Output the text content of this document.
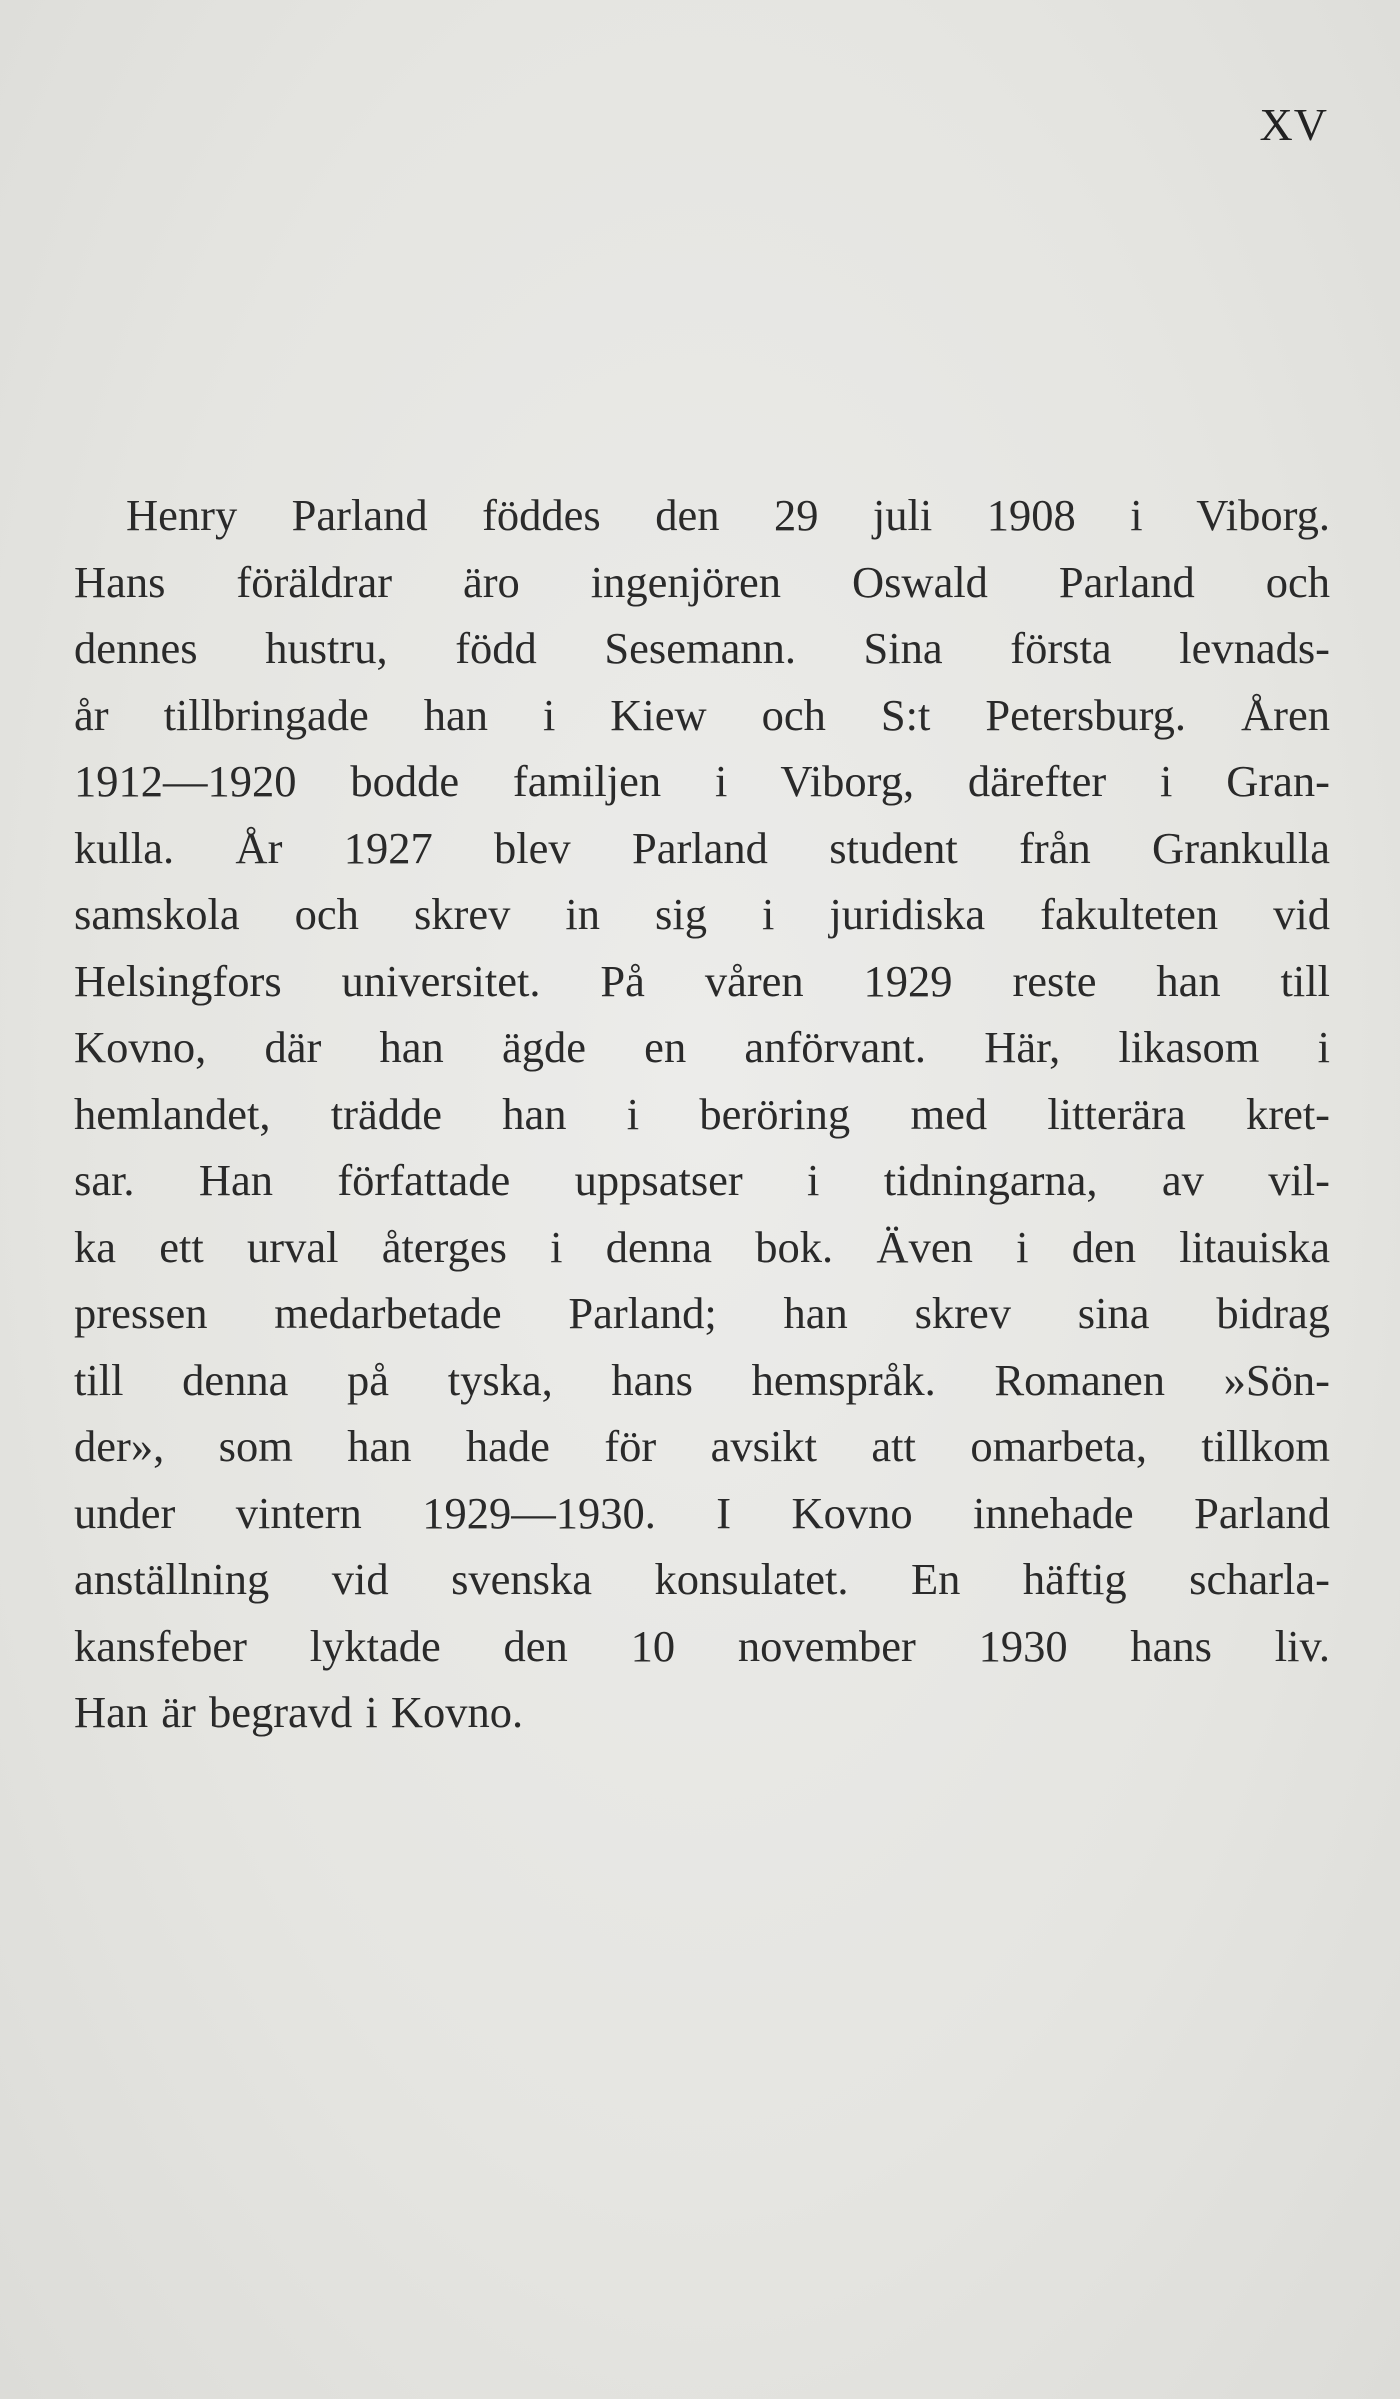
XV
Henry Parland föddes den 29 juli 1908 i Viborg.
Hans föräldrar äro ingenjören Oswald Parland och
dennes hustru, född Sesemann. Sina första levnads-
år tillbringade han i Kiew och S:t Petersburg. Åren
1912—1920 bodde familjen i Viborg, därefter i Gran-
kulla. År 1927 blev Parland student från Grankulla
samskola och skrev in sig i juridiska fakulteten vid
Helsingfors universitet. På våren 1929 reste han till
Kovno, där han ägde en anförvant. Här, likasom i
hemlandet, trädde han i beröring med litterära kret-
sar. Han författade uppsatser i tidningarna, av vil-
ka ett urval återges i denna bok. Även i den litauiska
pressen medarbetade Parland; han skrev sina bidrag
till denna på tyska, hans hemspråk. Romanen »Sön-
der», som han hade för avsikt att omarbeta, tillkom
under vintern 1929—1930. I Kovno innehade Parland
anställning vid svenska konsulatet. En häftig scharla-
kansfeber lyktade den 10 november 1930 hans liv.
Han är begravd i Kovno.
